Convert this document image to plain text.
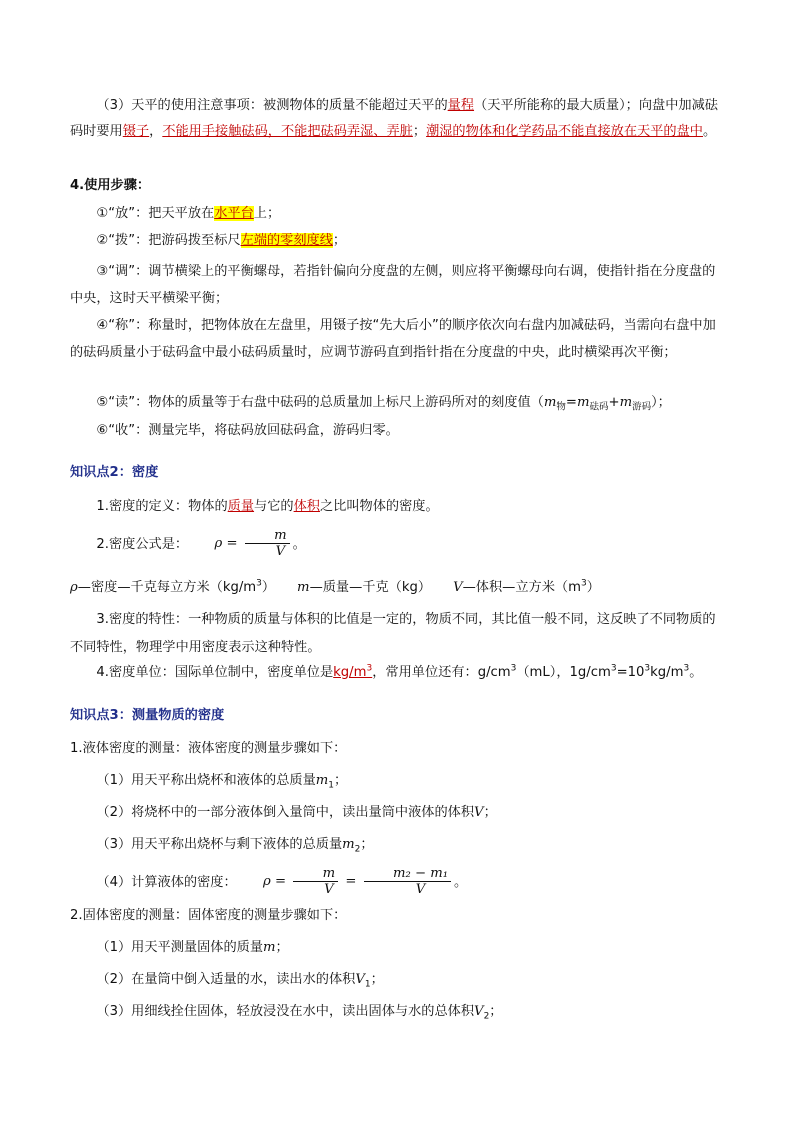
（3）天平的使用注意事项：被测物体的质量不能超过天平的量程（天平所能称的最大质量）；向盘中加减砝码时要用镊子，不能用手接触砝码，不能把砝码弄湿、弄脏；潮湿的物体和化学药品不能直接放在天平的盘中。

4.使用步骤：

①“放”：把天平放在水平台上；

②“拨”：把游码拨至标尺左端的零刻度线；

③“调”：调节横梁上的平衡螺母，若指针偏向分度盘的左侧，则应将平衡螺母向右调，使指针指在分度盘的中央，这时天平横梁平衡；

④“称”：称量时，把物体放在左盘里，用镊子按“先大后小”的顺序依次向右盘内加减砝码，当需向右盘中加的砝码质量小于砝码盒中最小砝码质量时，应调节游码直到指针指在分度盘的中央，此时横梁再次平衡；

⑤“读”：物体的质量等于右盘中砝码的总质量加上标尺上游码所对的刻度值$(m_物=m_{砝码}+m_{游码})$；

⑥“收”：测量完毕，将砝码放回砝码盒，游码归零。

知识点2：密度

1.密度的定义：物体的质量与它的体积之比叫物体的密度。

2.密度公式是： $\rho = \frac{m}{V}$ 。

ρ—密度—千克每立方米$(kg/m^3)$ m—质量—千克（kg） V—体积—立方米$(m^3)$

3.密度的特性：一种物质的质量与体积的比值是一定的，物质不同，其比值一般不同，这反映了不同物质的不同特性，物理学中用密度表示这种特性。

4.密度单位：国际单位制中，密度单位是$kg/m^3$，常用单位还有：$g/cm^3(mL)$，$1g/cm^3=10^3kg/m^3$。

知识点3：测量物质的密度

1.液体密度的测量：液体密度的测量步骤如下：

（1）用天平称出烧杯和液体的总质量$m_1$；

（2）将烧杯中的一部分液体倒入量筒中，读出量筒中液体的体积V；

（3）用天平称出烧杯与剩下液体的总质量$m_2$；

（4）计算液体的密度： $\rho = \frac{m}{V} = \frac{\text{m₂ − m₁}}{V}$ 。

2.固体密度的测量：固体密度的测量步骤如下：

（1）用天平测量固体的质量m；

（2）在量筒中倒入适量的水，读出水的体积$V_1$；

（3）用细线拴住固体，轻放浸没在水中，读出固体与水的总体积$V_2$；
